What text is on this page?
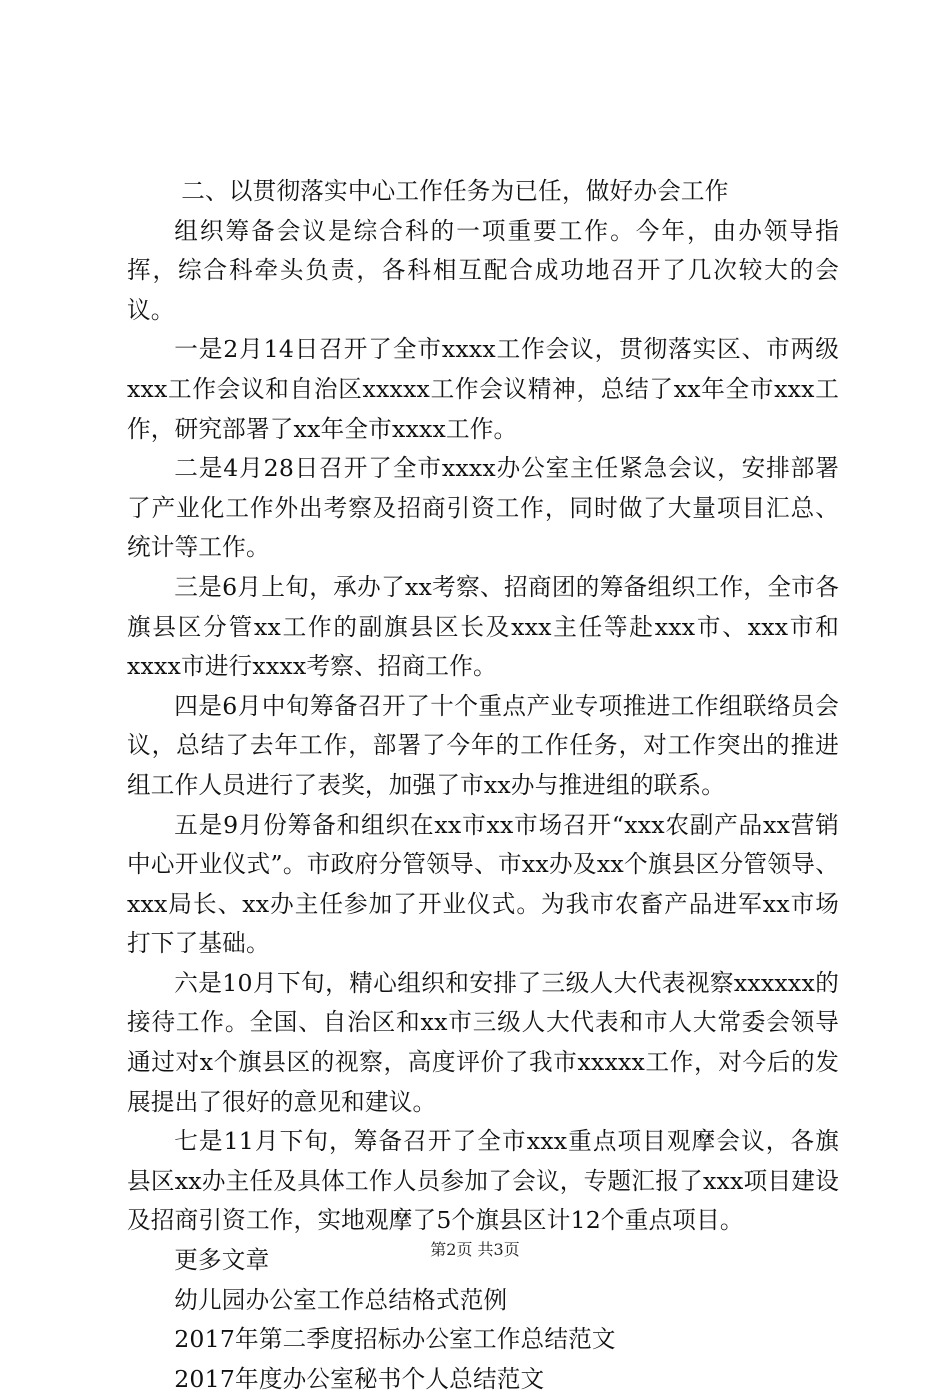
二、以贯彻落实中心工作任务为已任，做好办会工作

组织筹备会议是综合科的一项重要工作。今年，由办领导指挥，综合科牵头负责，各科相互配合成功地召开了几次较大的会议。

一是2月14日召开了全市xxxx工作会议，贯彻落实区、市两级xxx工作会议和自治区xxxxx工作会议精神，总结了xx年全市xxx工作，研究部署了xx年全市xxxx工作。

二是4月28日召开了全市xxxx办公室主任紧急会议，安排部署了产业化工作外出考察及招商引资工作，同时做了大量项目汇总、统计等工作。

三是6月上旬，承办了xx考察、招商团的筹备组织工作，全市各旗县区分管xx工作的副旗县区长及xxx主任等赴xxx市、xxx市和xxxx市进行xxxx考察、招商工作。

四是6月中旬筹备召开了十个重点产业专项推进工作组联络员会议，总结了去年工作，部署了今年的工作任务，对工作突出的推进组工作人员进行了表奖，加强了市xx办与推进组的联系。

五是9月份筹备和组织在xx市xx市场召开“xxx农副产品xx营销中心开业仪式”。市政府分管领导、市xx办及xx个旗县区分管领导、xxx局长、xx办主任参加了开业仪式。为我市农畜产品进军xx市场打下了基础。

六是10月下旬，精心组织和安排了三级人大代表视察xxxxxx的接待工作。全国、自治区和xx市三级人大代表和市人大常委会领导通过对x个旗县区的视察，高度评价了我市xxxxx工作，对今后的发展提出了很好的意见和建议。

七是11月下旬，筹备召开了全市xxx重点项目观摩会议，各旗县区xx办主任及具体工作人员参加了会议，专题汇报了xxx项目建设及招商引资工作，实地观摩了5个旗县区计12个重点项目。

更多文章

幼儿园办公室工作总结格式范例

2017年第二季度招标办公室工作总结范文

2017年度办公室秘书个人总结范文

第2页 共3页
